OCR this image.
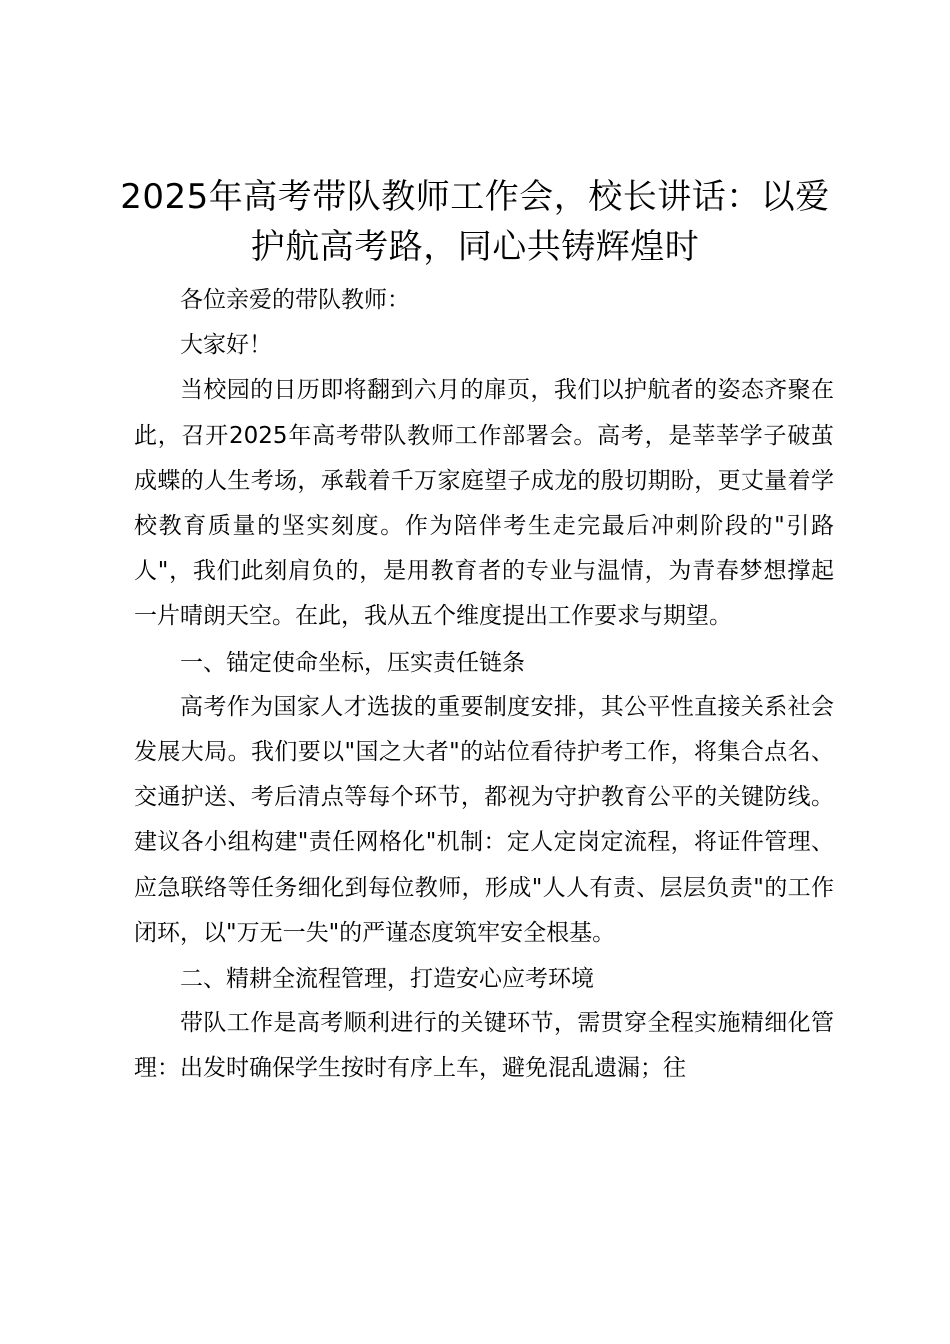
2025年高考带队教师工作会，校长讲话：以爱护航高考路，同心共铸辉煌时

各位亲爱的带队教师：

大家好！

当校园的日历即将翻到六月的扉页，我们以护航者的姿态齐聚在此，召开2025年高考带队教师工作部署会。高考，是莘莘学子破茧成蝶的人生考场，承载着千万家庭望子成龙的殷切期盼，更丈量着学校教育质量的坚实刻度。作为陪伴考生走完最后冲刺阶段的"引路人"，我们此刻肩负的，是用教育者的专业与温情，为青春梦想撑起一片晴朗天空。在此，我从五个维度提出工作要求与期望。

一、锚定使命坐标，压实责任链条

高考作为国家人才选拔的重要制度安排，其公平性直接关系社会发展大局。我们要以"国之大者"的站位看待护考工作，将集合点名、交通护送、考后清点等每个环节，都视为守护教育公平的关键防线。建议各小组构建"责任网格化"机制：定人定岗定流程，将证件管理、应急联络等任务细化到每位教师，形成"人人有责、层层负责"的工作闭环，以"万无一失"的严谨态度筑牢安全根基。

二、精耕全流程管理，打造安心应考环境

带队工作是高考顺利进行的关键环节，需贯穿全程实施精细化管理：出发时确保学生按时有序上车，避免混乱遗漏；往
